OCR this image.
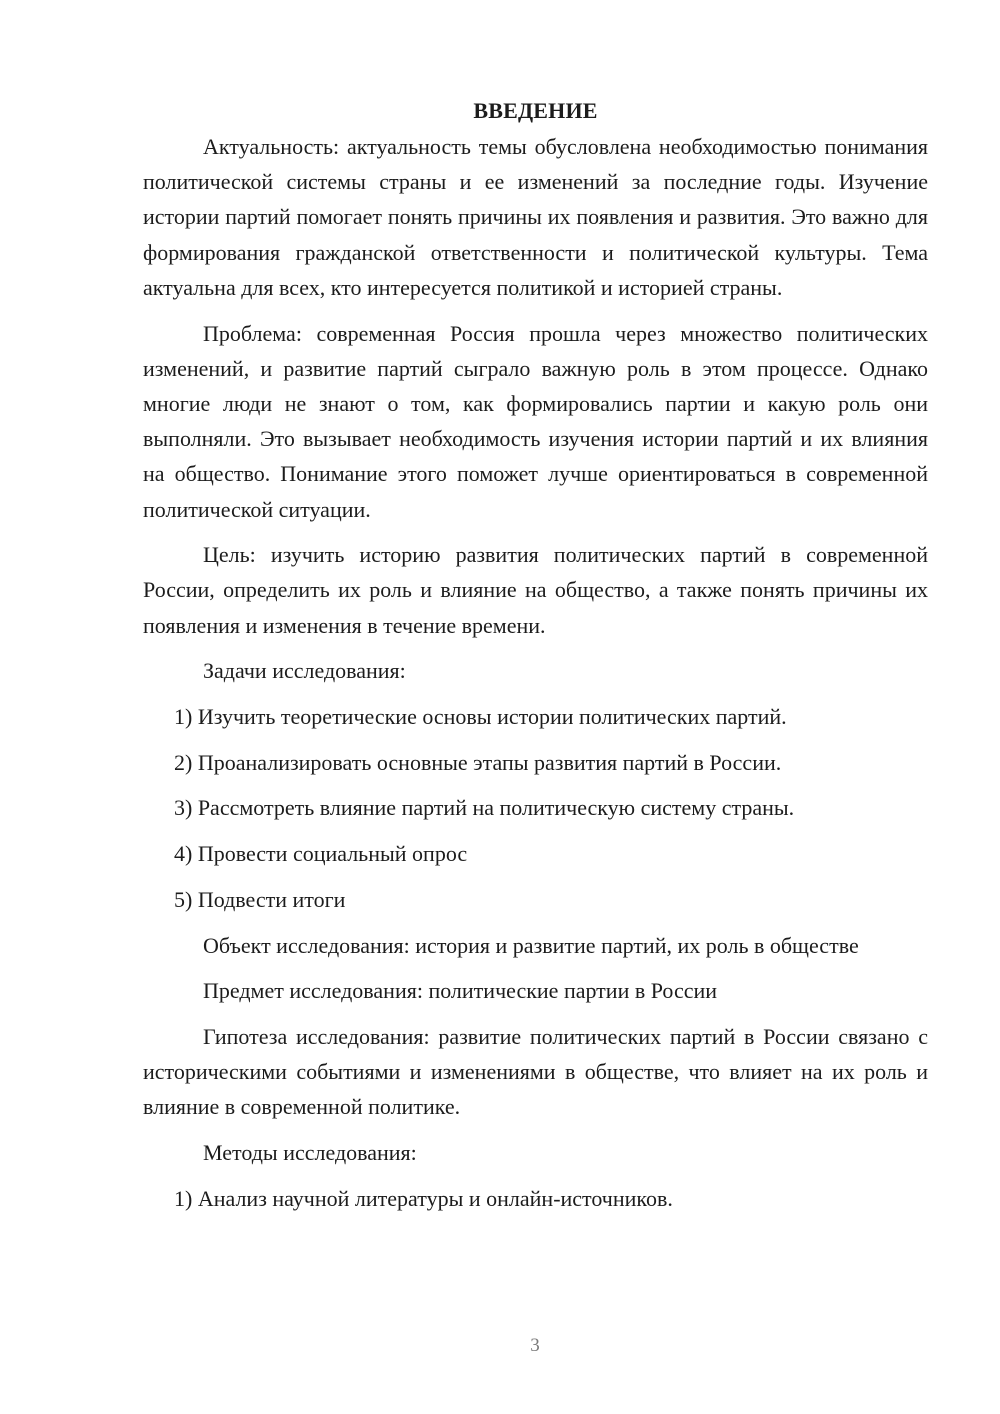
ВВЕДЕНИЕ

Актуальность: актуальность темы обусловлена необходимостью понимания политической системы страны и ее изменений за последние годы. Изучение истории партий помогает понять причины их появления и развития. Это важно для формирования гражданской ответственности и политической культуры. Тема актуальна для всех, кто интересуется политикой и историей страны.

Проблема: современная Россия прошла через множество политических изменений, и развитие партий сыграло важную роль в этом процессе. Однако многие люди не знают о том, как формировались партии и какую роль они выполняли. Это вызывает необходимость изучения истории партий и их влияния на общество. Понимание этого поможет лучше ориентироваться в современной политической ситуации.

Цель: изучить историю развития политических партий в современной России, определить их роль и влияние на общество, а также понять причины их появления и изменения в течение времени.

Задачи исследования:

1) Изучить теоретические основы истории политических партий.

2) Проанализировать основные этапы развития партий в России.

3) Рассмотреть влияние партий на политическую систему страны.

4) Провести социальный опрос

5) Подвести итоги

Объект исследования: история и развитие партий, их роль в обществе

Предмет исследования: политические партии в России

Гипотеза исследования: развитие политических партий в России связано с историческими событиями и изменениями в обществе, что влияет на их роль и влияние в современной политике.

Методы исследования:

1) Анализ научной литературы и онлайн-источников.

3
